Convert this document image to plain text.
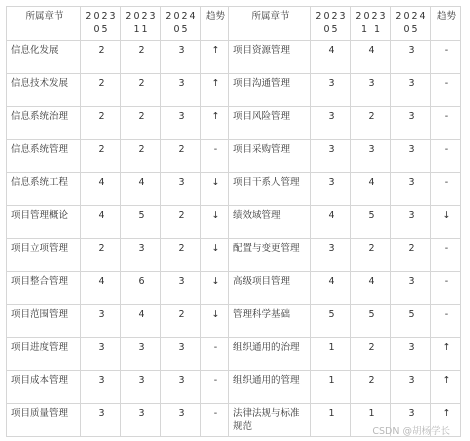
所属章节	2023 05	2023 11	2024 05	趋势	所属章节	2023 05	20231 1	2024 05	趋势
信息化发展	2	2	3	↑	项目资源管理	4	4	3	-
信息技术发展	2	2	3	↑	项目沟通管理	3	3	3	-
信息系统治理	2	2	3	↑	项目风险管理	3	2	3	-
信息系统管理	2	2	2	-	项目采购管理	3	3	3	-
信息系统工程	4	4	3	↓	项目干系人管理	3	4	3	-
项目管理概论	4	5	2	↓	绩效域管理	4	5	3	↓
项目立项管理	2	3	2	↓	配置与变更管理	3	2	2	-
项目整合管理	4	6	3	↓	高级项目管理	4	4	3	-
项目范围管理	3	4	2	↓	管理科学基础	5	5	5	-
项目进度管理	3	3	3	-	组织通用的治理	1	2	3	↑
项目成本管理	3	3	3	-	组织通用的管理	1	2	3	↑
项目质量管理	3	3	3	-	法律法规与标准规范	1	1	3	↑
CSDN @胡杨学长
